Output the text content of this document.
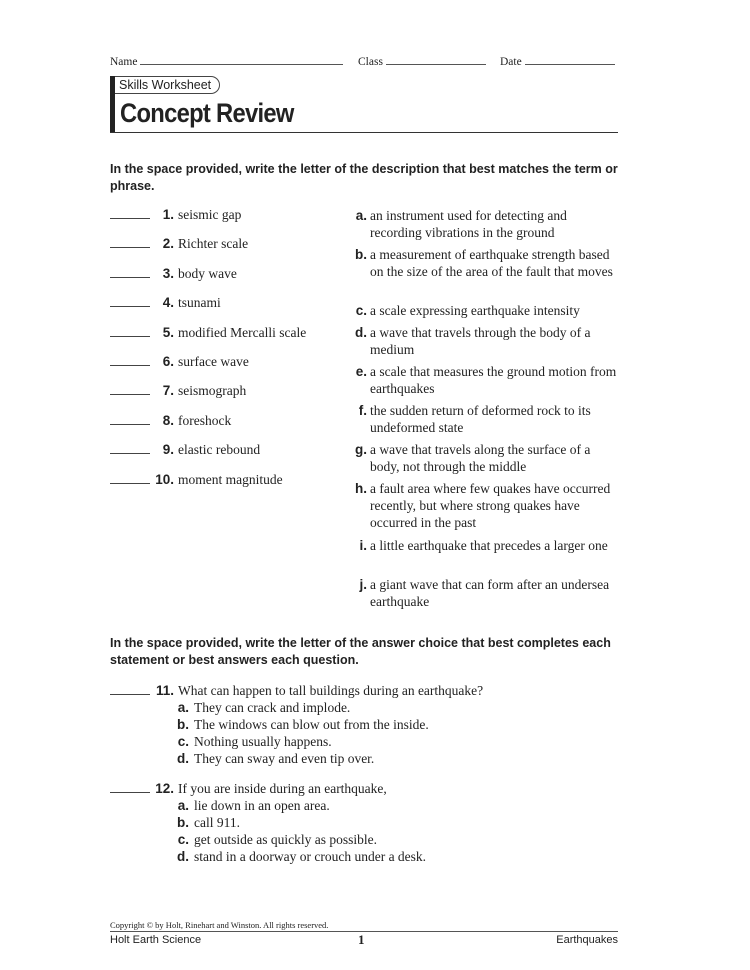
Name	Class	Date
Skills Worksheet
Concept Review
In the space provided, write the letter of the description that best matches the term or phrase.
In the space provided, write the letter of the answer choice that best completes each statement or best answers each question.
Copyright © by Holt, Rinehart and Winston. All rights reserved.
Holt Earth Science	1	Earthquakes
1. seismic gap
2. Richter scale
3. body wave
4. tsunami
5. modified Mercalli scale
6. surface wave
7. seismograph
8. foreshock
9. elastic rebound
10. moment magnitude
a. an instrument used for detecting and recording vibrations in the ground
b. a measurement of earthquake strength based on the size of the area of the fault that moves
c. a scale expressing earthquake intensity
d. a wave that travels through the body of a medium
e. a scale that measures the ground motion from earthquakes
f. the sudden return of deformed rock to its undeformed state
g. a wave that travels along the surface of a body, not through the middle
h. a fault area where few quakes have occurred recently, but where strong quakes have occurred in the past
i. a little earthquake that precedes a larger one
j. a giant wave that can form after an undersea earthquake
11. What can happen to tall buildings during an earthquake?
a. They can crack and implode.
b. The windows can blow out from the inside.
c. Nothing usually happens.
d. They can sway and even tip over.
12. If you are inside during an earthquake,
a. lie down in an open area.
b. call 911.
c. get outside as quickly as possible.
d. stand in a doorway or crouch under a desk.
